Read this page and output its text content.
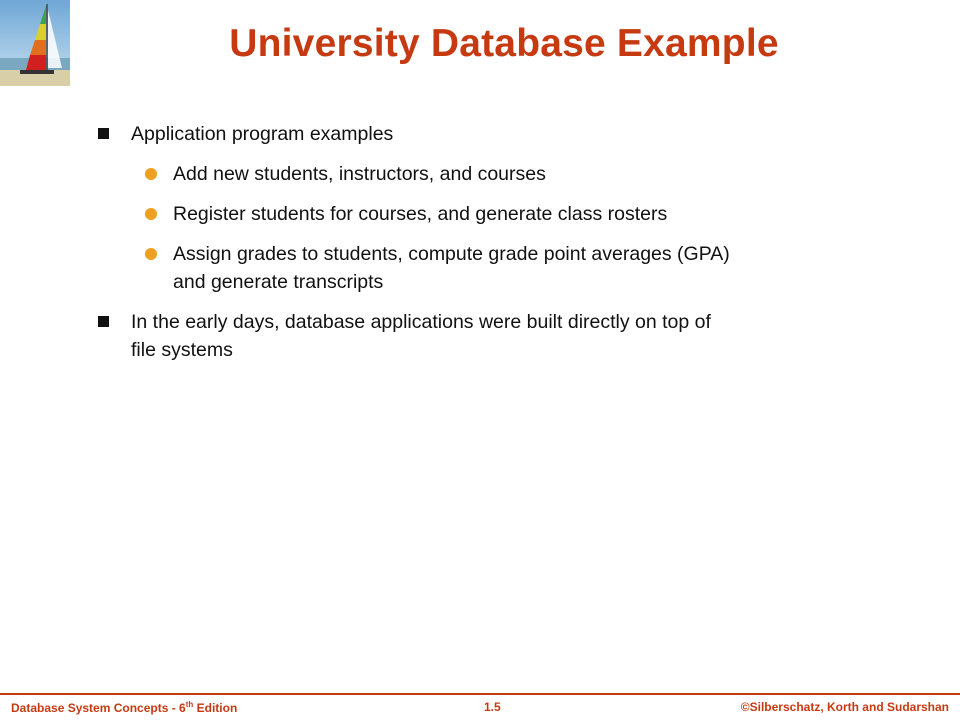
University Database Example
Application program examples
Add new students, instructors, and courses
Register students for courses, and generate class rosters
Assign grades to students, compute grade point averages (GPA)
and generate transcripts
In the early days, database applications were built directly on top of
file systems
Database System Concepts - 6th Edition	1.5	©Silberschatz, Korth and Sudarshan
